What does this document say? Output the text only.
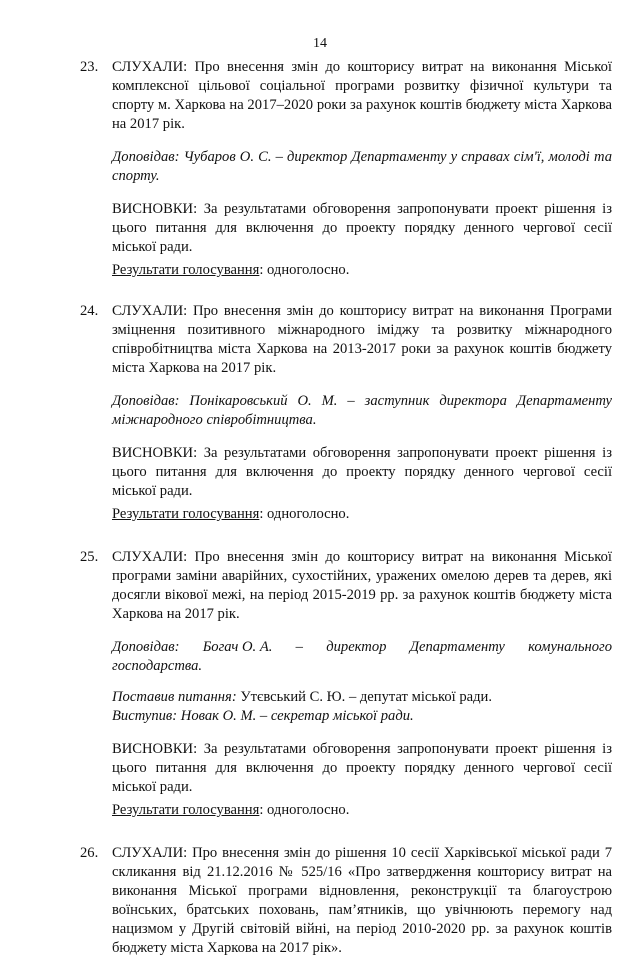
14
23. СЛУХАЛИ: Про внесення змін до кошторису витрат на виконання Міської комплексної цільової соціальної програми розвитку фізичної культури та спорту м. Харкова на 2017–2020 роки за рахунок коштів бюджету міста Харкова на 2017 рік.

Доповідав: Чубаров О. С. – директор Департаменту у справах сім'ї, молоді та спорту.

ВИСНОВКИ: За результатами обговорення запропонувати проект рішення із цього питання для включення до проекту порядку денного чергової сесії міської ради.

Результати голосування: одноголосно.

24. СЛУХАЛИ: Про внесення змін до кошторису витрат на виконання Програми зміцнення позитивного міжнародного іміджу та розвитку міжнародного співробітництва міста Харкова на 2013-2017 роки за рахунок коштів бюджету міста Харкова на 2017 рік.

Доповідав: Понікаровський О. М. – заступник директора Департаменту міжнародного співробітництва.

ВИСНОВКИ: За результатами обговорення запропонувати проект рішення із цього питання для включення до проекту порядку денного чергової сесії міської ради.

Результати голосування: одноголосно.

25. СЛУХАЛИ: Про внесення змін до кошторису витрат на виконання Міської програми заміни аварійних, сухостійних, уражених омелою дерев та дерев, які досягли вікової межі, на період 2015-2019 рр. за рахунок коштів бюджету міста Харкова на 2017 рік.

Доповідав: Богач О. А. – директор Департаменту комунального
господарства.
Поставив питання: Утєвський С. Ю. – депутат міської ради.
Виступив: Новак О. М. – секретар міської ради.

ВИСНОВКИ: За результатами обговорення запропонувати проект рішення із цього питання для включення до проекту порядку денного чергової сесії міської ради.

Результати голосування: одноголосно.

26. СЛУХАЛИ: Про внесення змін до рішення 10 сесії Харківської міської ради 7 скликання від 21.12.2016 № 525/16 «Про затвердження кошторису витрат на виконання Міської програми відновлення, реконструкції та благоустрою воїнських, братських поховань, пам’ятників, що увічнюють перемогу над нацизмом у Другій світовій війні, на період 2010-2020 рр. за рахунок коштів бюджету міста Харкова на 2017 рік».
